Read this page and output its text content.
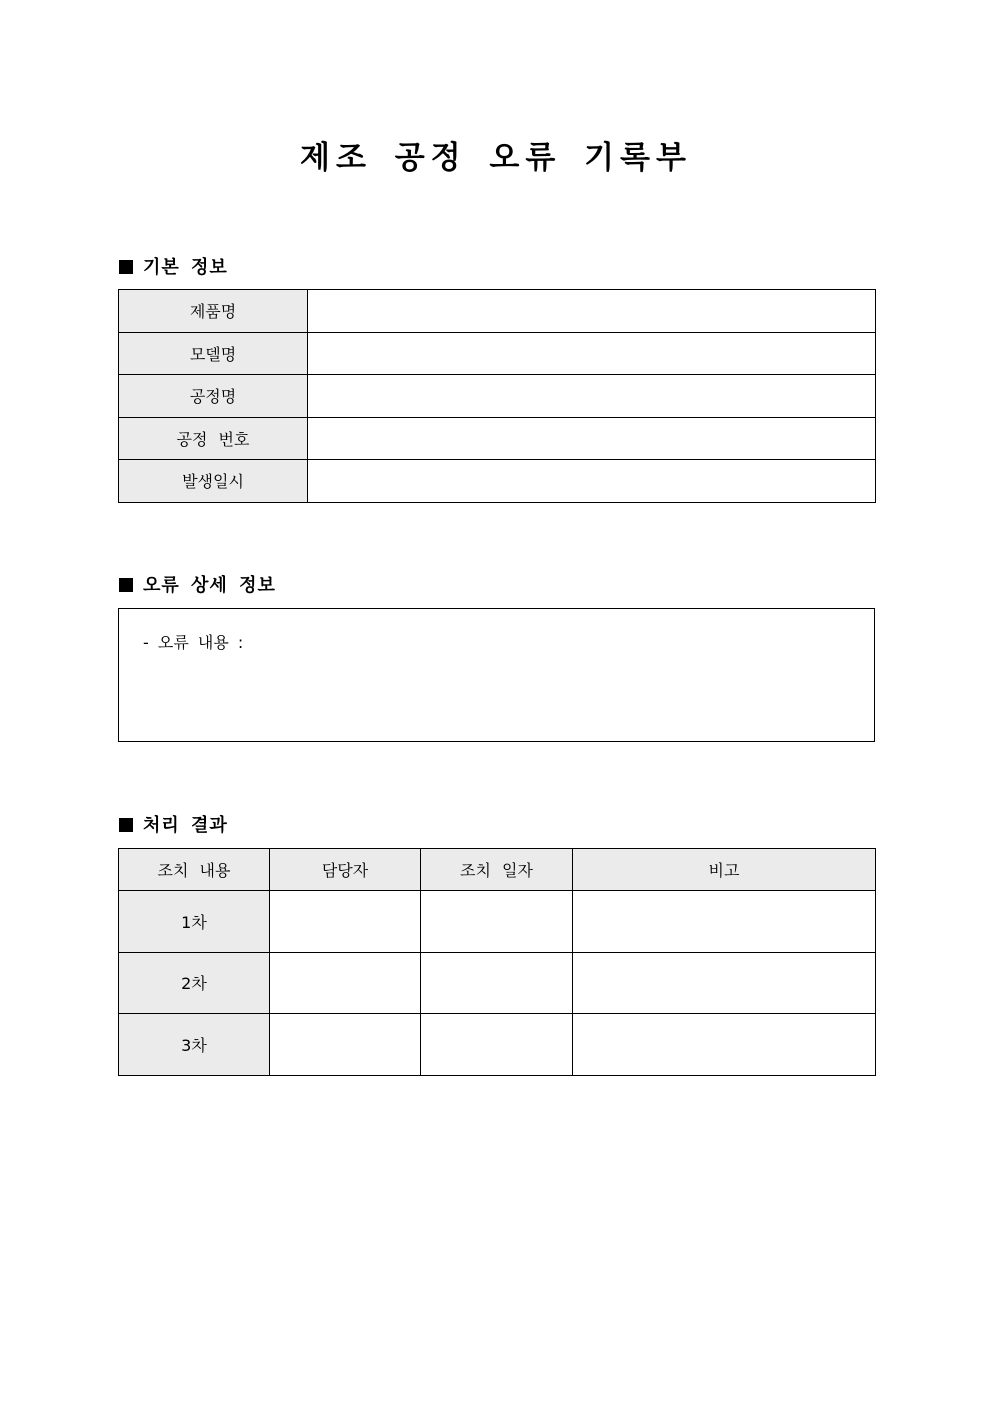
제조 공정 오류 기록부
기본 정보
제품명	
모델명	
공정명	
공정 번호	
발생일시	
오류 상세 정보
- 오류 내용 :
처리 결과
조치 내용	담당자	조치 일자	비고
1차			
2차			
3차			
